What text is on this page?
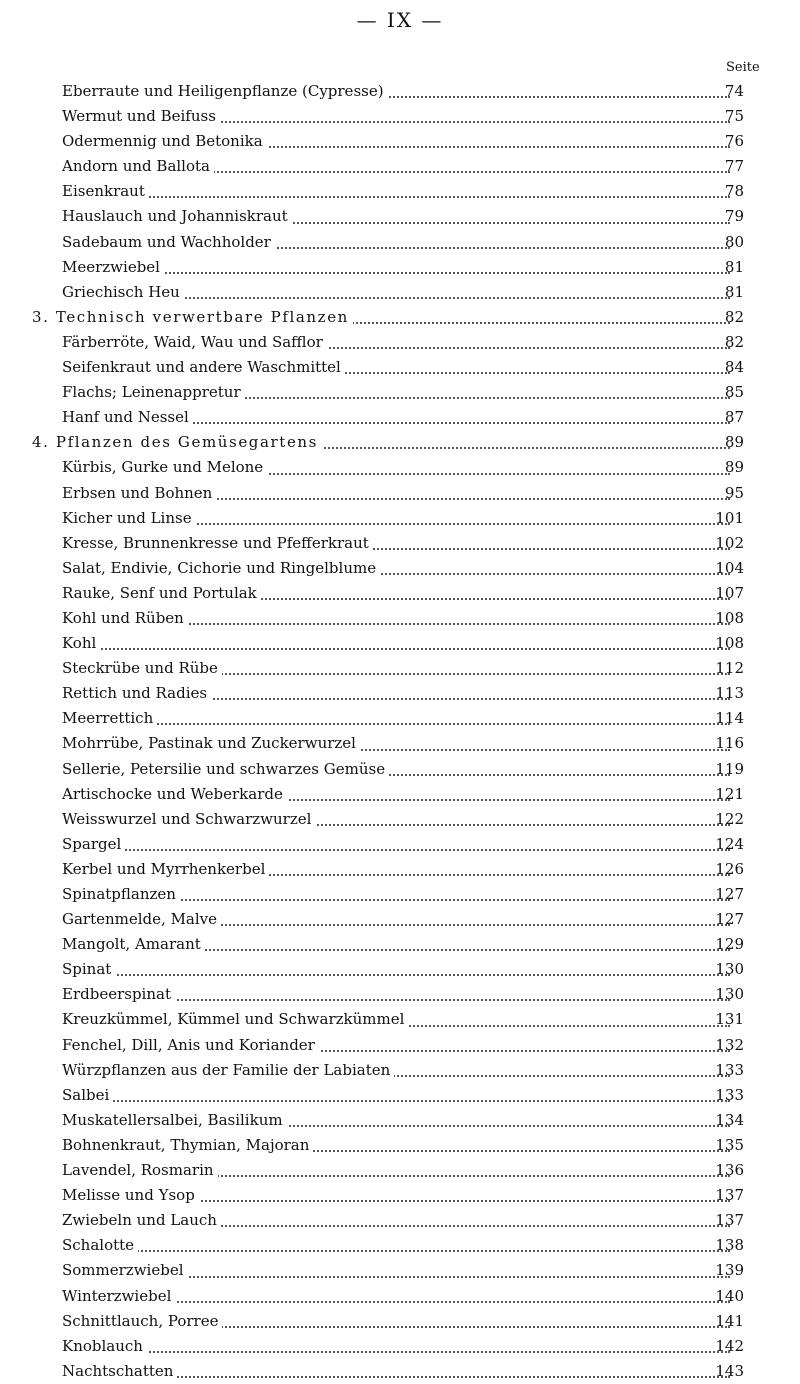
— IX —
Seite
Eberraute und Heiligenpflanze (Cypresse)	74
Wermut und Beifuss	75
Odermennig und Betonika	76
Andorn und Ballota	77
Eisenkraut	78
Hauslauch und Johanniskraut	79
Sadebaum und Wachholder	80
Meerzwiebel	81
Griechisch Heu	81
3. Technisch verwertbare Pflanzen	82
Färberröte, Waid, Wau und Safflor	82
Seifenkraut und andere Waschmittel	84
Flachs; Leinenappretur	85
Hanf und Nessel	87
4. Pflanzen des Gemüsegartens	89
Kürbis, Gurke und Melone	89
Erbsen und Bohnen	95
Kicher und Linse	101
Kresse, Brunnenkresse und Pfefferkraut	102
Salat, Endivie, Cichorie und Ringelblume	104
Rauke, Senf und Portulak	107
Kohl und Rüben	108
Kohl	108
Steckrübe und Rübe	112
Rettich und Radies	113
Meerrettich	114
Mohrrübe, Pastinak und Zuckerwurzel	116
Sellerie, Petersilie und schwarzes Gemüse	119
Artischocke und Weberkarde	121
Weisswurzel und Schwarzwurzel	122
Spargel	124
Kerbel und Myrrhenkerbel	126
Spinatpflanzen	127
Gartenmelde, Malve	127
Mangolt, Amarant	129
Spinat	130
Erdbeerspinat	130
Kreuzkümmel, Kümmel und Schwarzkümmel	131
Fenchel, Dill, Anis und Koriander	132
Würzpflanzen aus der Familie der Labiaten	133
Salbei	133
Muskatellersalbei, Basilikum	134
Bohnenkraut, Thymian, Majoran	135
Lavendel, Rosmarin	136
Melisse und Ysop	137
Zwiebeln und Lauch	137
Schalotte	138
Sommerzwiebel	139
Winterzwiebel	140
Schnittlauch, Porree	141
Knoblauch	142
Nachtschatten	143
